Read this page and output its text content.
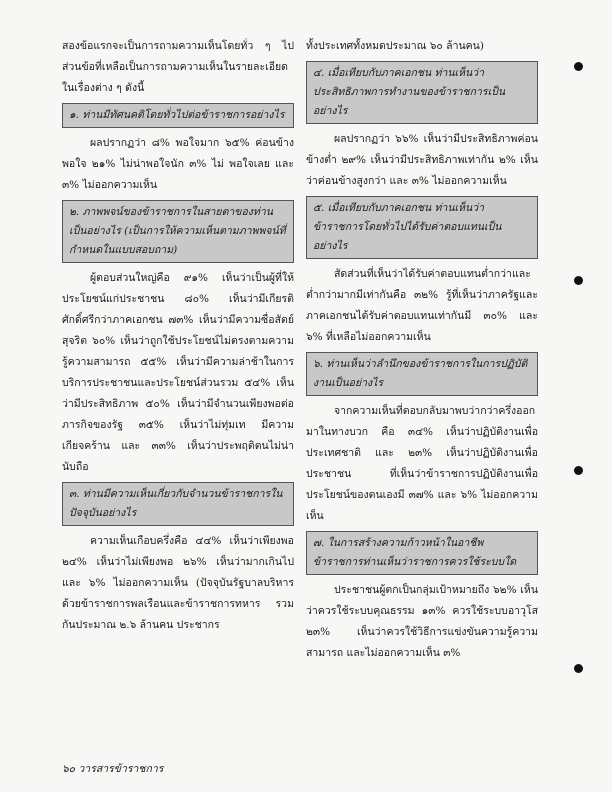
สองข้อแรกจะเป็นการถามความเห็นโดยทั่ว ๆ ไป ส่วนข้อที่เหลือเป็นการถามความเห็นในรายละเอียด ในเรื่องต่าง ๆ ดังนี้

๑. ท่านมีทัศนคติโดยทั่วไปต่อข้าราชการอย่างไร

ผลปรากฏว่า ๘% พอใจมาก ๖๕% ค่อนข้างพอใจ ๒๑% ไม่น่าพอใจนัก ๓% ไม่ พอใจเลย และ ๓% ไม่ออกความเห็น

๒. ภาพพจน์ของข้าราชการในสายตาของท่านเป็นอย่างไร (เป็นการให้ความเห็นตามภาพพจน์ที่กำหนดในแบบสอบถาม)

ผู้ตอบส่วนใหญ่คือ ๙๑% เห็นว่าเป็นผู้ที่ให้ประโยชน์แก่ประชาชน ๘๐% เห็นว่ามีเกียรติ ศักดิ์ศรีกว่าภาคเอกชน ๗๓% เห็นว่ามีความซื่อสัตย์ สุจริต ๖๐% เห็นว่าถูกใช้ประโยชน์ไม่ตรงตามความรู้ความสามารถ ๕๕% เห็นว่ามีความล่าช้าในการบริการประชาชนและประโยชน์ส่วนรวม ๕๔% เห็นว่ามีประสิทธิภาพ ๕๐% เห็นว่ามีจำนวนเพียงพอต่อภารกิจของรัฐ ๓๕% เห็นว่าไม่ทุ่มเท มีความเกียจคร้าน และ ๓๓% เห็นว่าประพฤติตนไม่น่านับถือ

๓. ท่านมีความเห็นเกี่ยวกับจำนวนข้าราชการในปัจจุบันอย่างไร

ความเห็นเกือบครึ่งคือ ๔๔% เห็นว่าเพียงพอ ๒๔% เห็นว่าไม่เพียงพอ ๒๖% เห็นว่ามากเกินไป และ ๖% ไม่ออกความเห็น (ปัจจุบันรัฐบาลบริหารด้วยข้าราชการพลเรือนและข้าราชการทหาร รวมกันประมาณ ๒.๖ ล้านคน ประชากร

ทั้งประเทศทั้งหมดประมาณ ๖๐ ล้านคน)

๔. เมื่อเทียบกับภาคเอกชน ท่านเห็นว่าประสิทธิภาพการทำงานของข้าราชการเป็นอย่างไร

ผลปรากฏว่า ๖๖% เห็นว่ามีประสิทธิภาพค่อนข้างต่ำ ๒๙% เห็นว่ามีประสิทธิภาพเท่ากัน ๒% เห็นว่าค่อนข้างสูงกว่า และ ๓% ไม่ออกความเห็น

๕. เมื่อเทียบกับภาคเอกชน ท่านเห็นว่าข้าราชการโดยทั่วไปได้รับค่าตอบแทนเป็นอย่างไร

สัดส่วนที่เห็นว่าได้รับค่าตอบแทนต่ำกว่าและต่ำกว่ามากมีเท่ากันคือ ๓๒% รู้ที่เห็นว่าภาครัฐและภาคเอกชนได้รับค่าตอบแทนเท่ากันมี ๓๐% และ ๖% ที่เหลือไม่ออกความเห็น

๖. ท่านเห็นว่าลำนึกของข้าราชการในการปฏิบัติงานเป็นอย่างไร

จากความเห็นที่ตอบกลับมาพบว่ากว่าครึ่งออกมาในทางบวก คือ ๓๔% เห็นว่าปฏิบัติงานเพื่อประเทศชาติ และ ๒๓% เห็นว่าปฏิบัติงานเพื่อประชาชน ที่เห็นว่าข้าราชการปฏิบัติงานเพื่อประโยชน์ของตนเองมี ๓๗% และ ๖% ไม่ออกความเห็น

๗. ในการสร้างความก้าวหน้าในอาชีพข้าราชการท่านเห็นว่าราชการควรใช้ระบบใด

ประชาชนผู้ตกเป็นกลุ่มเป้าหมายถึง ๖๒% เห็นว่าควรใช้ระบบคุณธรรม ๑๓% ควรใช้ระบบอาวุโส ๒๓% เห็นว่าควรใช้วิธีการแข่งขันความรู้ความสามารถ และไม่ออกความเห็น ๓%

๖๐ วารสารข้าราชการ
